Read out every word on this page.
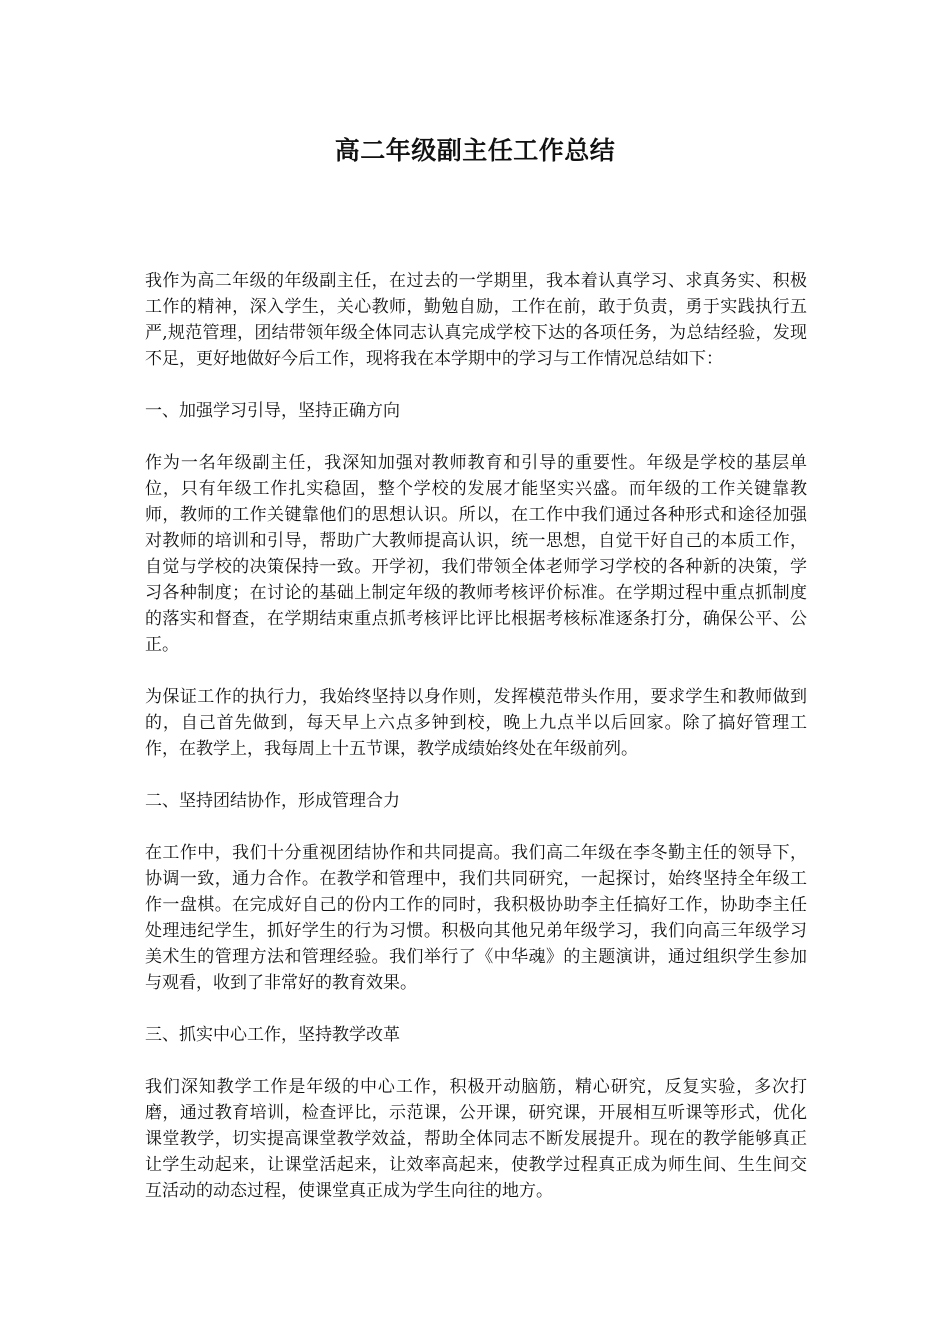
高二年级副主任工作总结

我作为高二年级的年级副主任，在过去的一学期里，我本着认真学习、求真务实、积极工作的精神，深入学生，关心教师，勤勉自励，工作在前，敢于负责，勇于实践执行五严,规范管理，团结带领年级全体同志认真完成学校下达的各项任务，为总结经验，发现不足，更好地做好今后工作，现将我在本学期中的学习与工作情况总结如下：

一、加强学习引导，坚持正确方向

作为一名年级副主任，我深知加强对教师教育和引导的重要性。年级是学校的基层单位，只有年级工作扎实稳固，整个学校的发展才能坚实兴盛。而年级的工作关键靠教师，教师的工作关键靠他们的思想认识。所以，在工作中我们通过各种形式和途径加强对教师的培训和引导，帮助广大教师提高认识，统一思想，自觉干好自己的本质工作，自觉与学校的决策保持一致。开学初，我们带领全体老师学习学校的各种新的决策，学习各种制度；在讨论的基础上制定年级的教师考核评价标准。在学期过程中重点抓制度的落实和督查，在学期结束重点抓考核评比评比根据考核标准逐条打分，确保公平、公正。

为保证工作的执行力，我始终坚持以身作则，发挥模范带头作用，要求学生和教师做到的，自己首先做到，每天早上六点多钟到校，晚上九点半以后回家。除了搞好管理工作，在教学上，我每周上十五节课，教学成绩始终处在年级前列。

二、坚持团结协作，形成管理合力

在工作中，我们十分重视团结协作和共同提高。我们高二年级在李冬勤主任的领导下，协调一致，通力合作。在教学和管理中，我们共同研究，一起探讨，始终坚持全年级工作一盘棋。在完成好自己的份内工作的同时，我积极协助李主任搞好工作，协助李主任处理违纪学生，抓好学生的行为习惯。积极向其他兄弟年级学习，我们向高三年级学习美术生的管理方法和管理经验。我们举行了《中华魂》的主题演讲，通过组织学生参加与观看，收到了非常好的教育效果。

三、抓实中心工作，坚持教学改革

我们深知教学工作是年级的中心工作，积极开动脑筋，精心研究，反复实验，多次打磨，通过教育培训，检查评比，示范课，公开课，研究课，开展相互听课等形式，优化课堂教学，切实提高课堂教学效益，帮助全体同志不断发展提升。现在的教学能够真正让学生动起来，让课堂活起来，让效率高起来，使教学过程真正成为师生间、生生间交互活动的动态过程，使课堂真正成为学生向往的地方。
